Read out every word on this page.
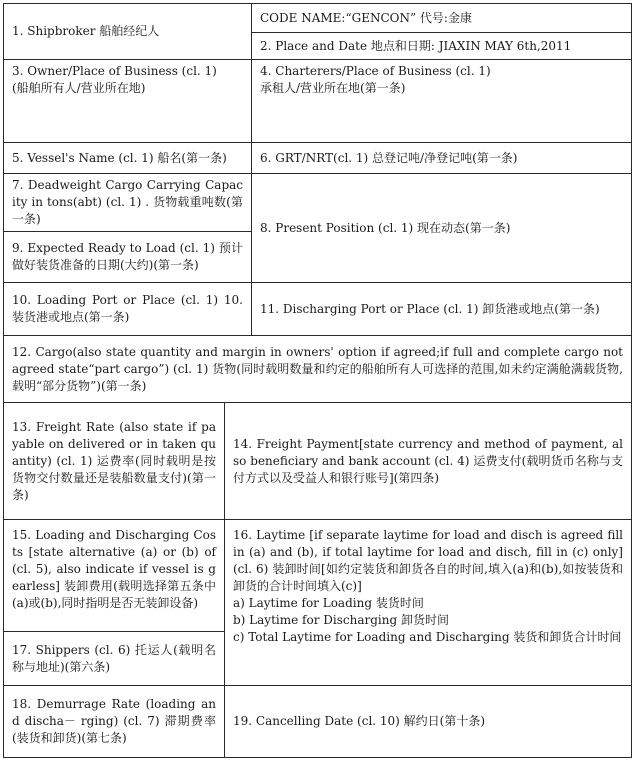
1. Shipbroker 船舶经纪人
CODE NAME:“GENCON” 代号:金康
2. Place and Date 地点和日期: JIAXIN MAY 6th,2011
3. Owner/Place of Business (cl. 1)
(船舶所有人/营业所在地)
4. Charterers/Place of Business (cl. 1)
承租人/营业所在地(第一条)
5. Vessel's Name (cl. 1) 船名(第一条)	6. GRT/NRT(cl. 1) 总登记吨/净登记吨(第一条)
7. Deadweight Cargo Carrying Capacity in tons(abt) (cl. 1) . 货物载重吨数(第一条)
9. Expected Ready to Load (cl. 1) 预计做好装货准备的日期(大约)(第一条)
8. Present Position (cl. 1) 现在动态(第一条)
10. Loading Port or Place (cl. 1) 10. 装货港或地点(第一条)
11. Discharging Port or Place (cl. 1) 卸货港或地点(第一条)
12. Cargo(also state quantity and margin in owners' option if agreed;if full and complete cargo not agreed state“part cargo”) (cl. 1) 货物(同时载明数量和约定的船舶所有人可选择的范围,如未约定满舱满载货物,载明“部分货物”)(第一条)
13. Freight Rate (also state if payable on delivered or in taken quantity) (cl. 1) 运费率(同时载明是按货物交付数量还是装船数量支付)(第一条)
14. Freight Payment[state currency and method of payment, also beneficiary and bank account (cl. 4) 运费支付(载明货币名称与支付方式以及受益人和银行账号](第四条)
15. Loading and Discharging Costs [state alternative (a) or (b) of (cl. 5), also indicate if vessel is gearless] 装卸费用(载明选择第五条中(a)或(b),同时指明是否无装卸设备)
16. Laytime [if separate laytime for load and disch is agreed fill in (a) and (b), if total laytime for load and disch, fill in (c) only] (cl. 6) 装卸时间[如约定装货和卸货各自的时间,填入(a)和(b),如按装货和卸货的合计时间填入(c)]
a) Laytime for Loading 装货时间
b) Laytime for Discharging 卸货时间
c) Total Laytime for Loading and Discharging 装货和卸货合计时间
17. Shippers (cl. 6) 托运人(载明名称与地址)(第六条)
18. Demurrage Rate (loading and discha－ rging) (cl. 7) 滞期费率(装货和卸货)(第七条)
19. Cancelling Date (cl. 10) 解约日(第十条)
